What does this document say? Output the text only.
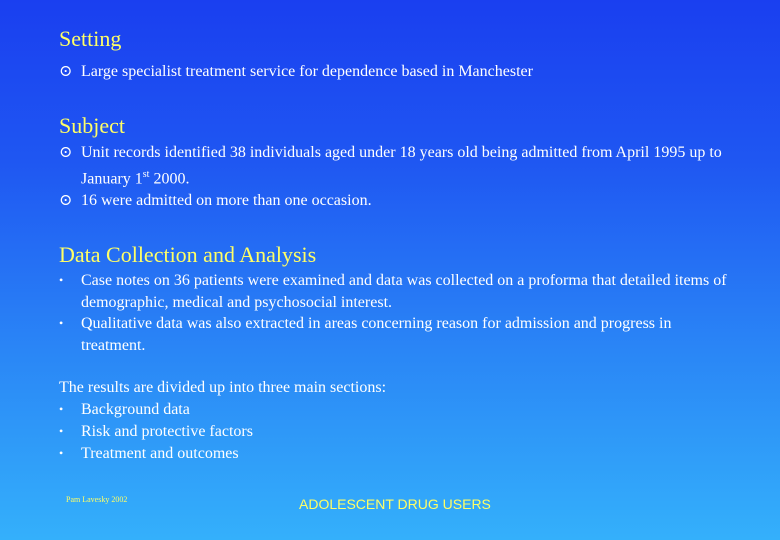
Setting
⊙ Large specialist treatment service for dependence based in Manchester
Subject
⊙ Unit records identified 38 individuals aged under 18 years old being admitted from April 1995 up to January 1st 2000.
⊙ 16 were admitted on more than one occasion.
Data Collection and Analysis
•	Case notes on 36 patients were examined and data was collected on a proforma that detailed items of demographic, medical and psychosocial interest.
•	Qualitative data was also extracted in areas concerning reason for admission and progress in treatment.
The results are divided up into three main sections:
•	Background data
•	Risk and protective factors
•	Treatment and outcomes
Pam Lavesky 2002	ADOLESCENT DRUG USERS
